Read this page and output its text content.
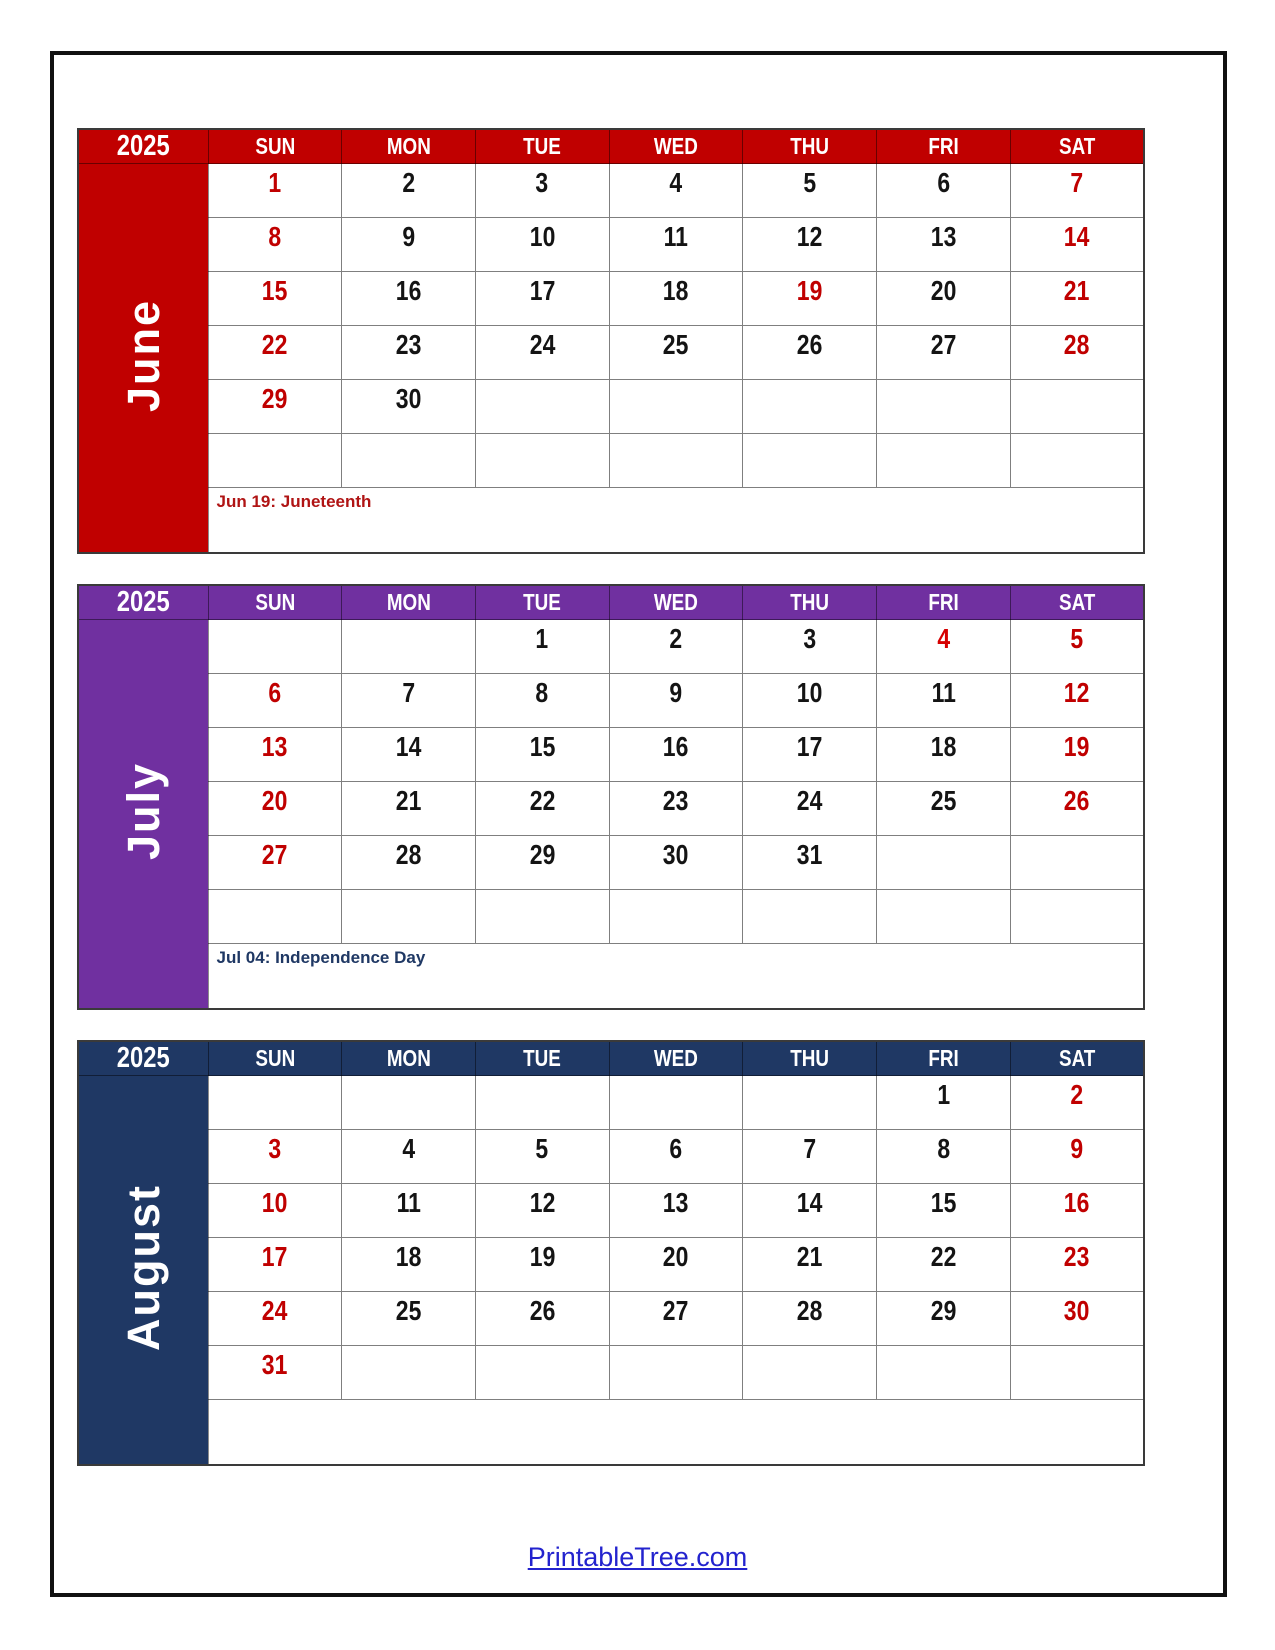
2025	SUN	MON	TUE	WED	THU	FRI	SAT
June	1	2	3	4	5	6	7
	8	9	10	11	12	13	14
	15	16	17	18	19	20	21
	22	23	24	25	26	27	28
	29	30					

	Jun 19: Juneteenth						
2025	SUN	MON	TUE	WED	THU	FRI	SAT
July			1	2	3	4	5
	6	7	8	9	10	11	12
	13	14	15	16	17	18	19
	20	21	22	23	24	25	26
	27	28	29	30	31		

	Jul 04: Independence Day						
2025	SUN	MON	TUE	WED	THU	FRI	SAT
August						1	2
	3	4	5	6	7	8	9
	10	11	12	13	14	15	16
	17	18	19	20	21	22	23
	24	25	26	27	28	29	30
	31						

PrintableTree.com
